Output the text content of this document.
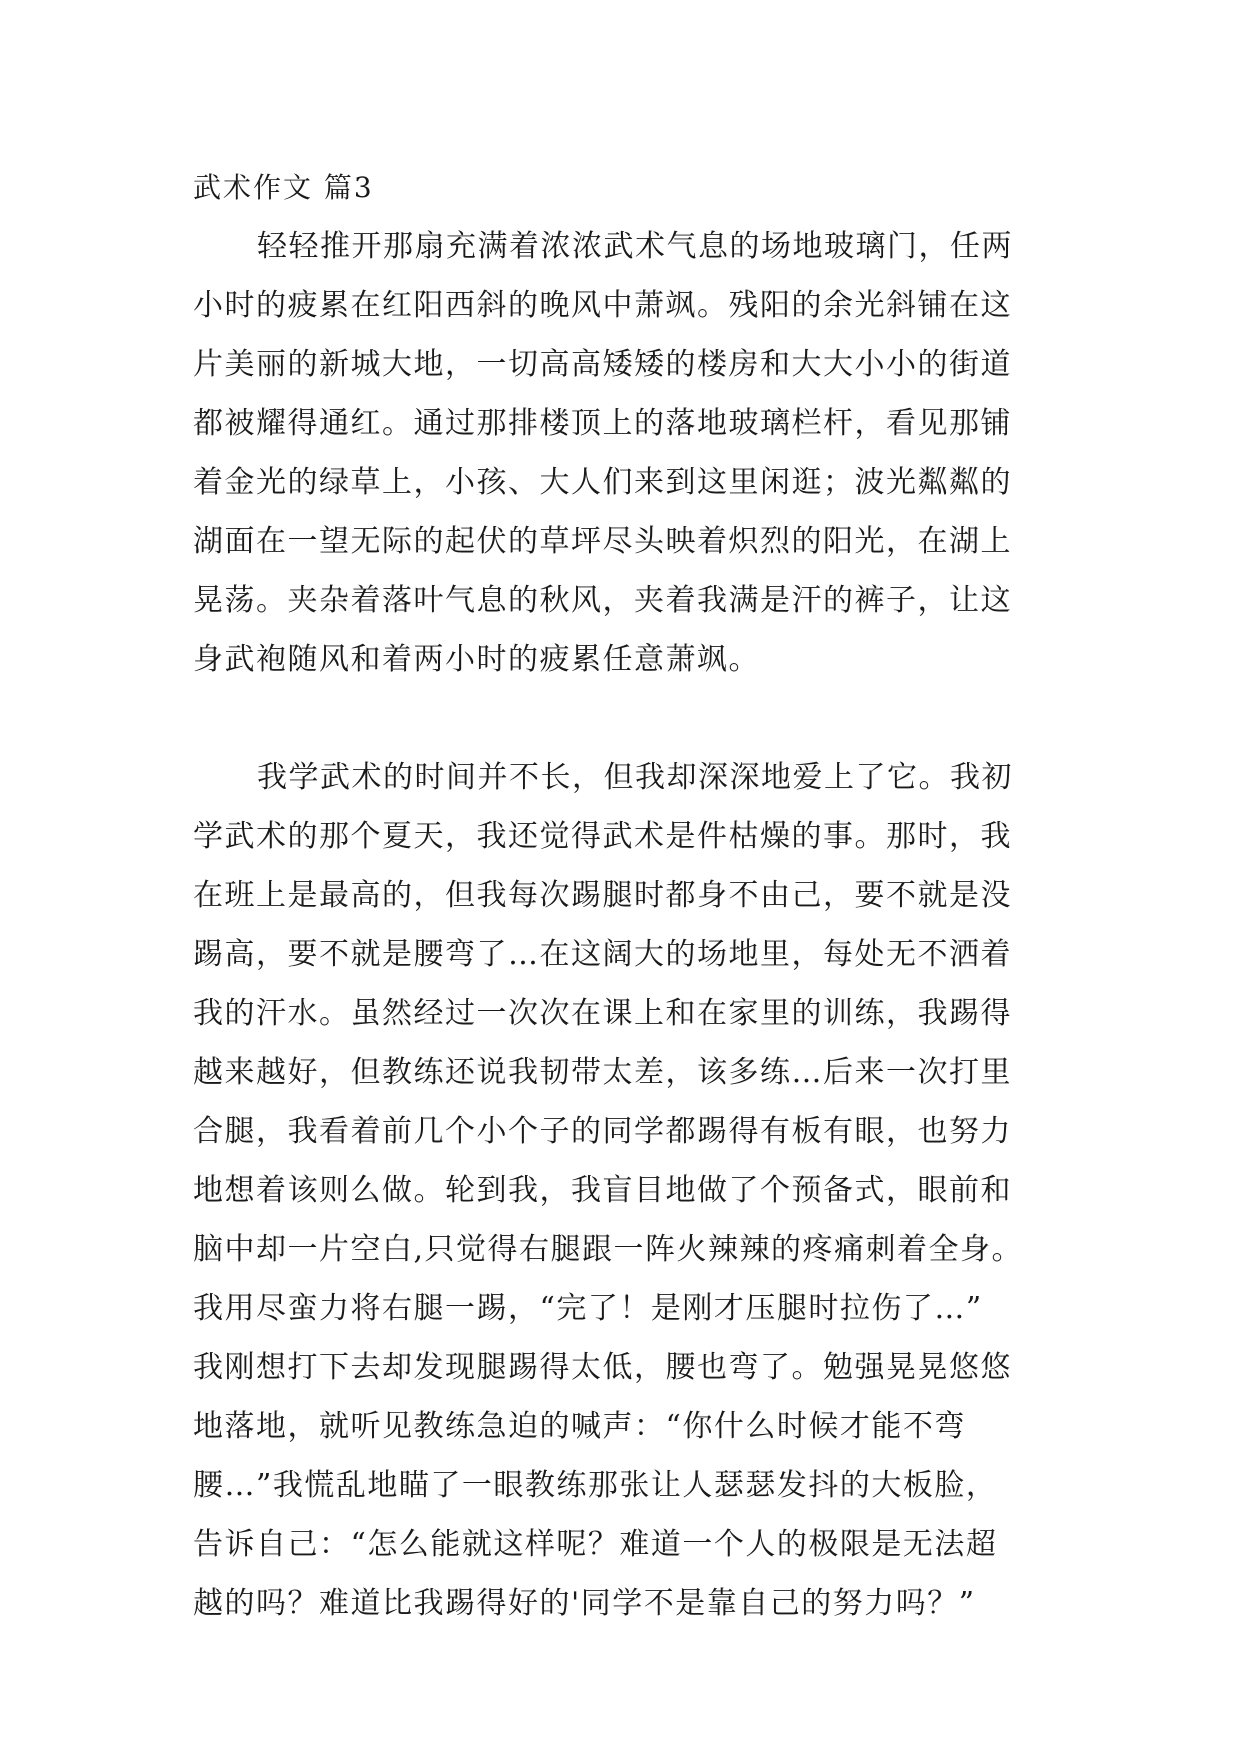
武术作文 篇3
轻轻推开那扇充满着浓浓武术气息的场地玻璃门，任两
小时的疲累在红阳西斜的晚风中萧飒。残阳的余光斜铺在这
片美丽的新城大地，一切高高矮矮的楼房和大大小小的街道
都被耀得通红。通过那排楼顶上的落地玻璃栏杆，看见那铺
着金光的绿草上，小孩、大人们来到这里闲逛；波光粼粼的
湖面在一望无际的起伏的草坪尽头映着炽烈的阳光，在湖上
晃荡。夹杂着落叶气息的秋风，夹着我满是汗的裤子，让这
身武袍随风和着两小时的疲累任意萧飒。
我学武术的时间并不长，但我却深深地爱上了它。我初
学武术的那个夏天，我还觉得武术是件枯燥的事。那时，我
在班上是最高的，但我每次踢腿时都身不由己，要不就是没
踢高，要不就是腰弯了…在这阔大的场地里，每处无不洒着
我的汗水。虽然经过一次次在课上和在家里的训练，我踢得
越来越好，但教练还说我韧带太差，该多练…后来一次打里
合腿，我看着前几个小个子的同学都踢得有板有眼，也努力
地想着该则么做。轮到我，我盲目地做了个预备式，眼前和
脑中却一片空白,只觉得右腿跟一阵火辣辣的疼痛刺着全身。
我用尽蛮力将右腿一踢，“完了！是刚才压腿时拉伤了…”
我刚想打下去却发现腿踢得太低，腰也弯了。勉强晃晃悠悠
地落地，就听见教练急迫的喊声：“你什么时候才能不弯
腰…”我慌乱地瞄了一眼教练那张让人瑟瑟发抖的大板脸，
告诉自己：“怎么能就这样呢？难道一个人的极限是无法超
越的吗？难道比我踢得好的'同学不是靠自己的努力吗？”
